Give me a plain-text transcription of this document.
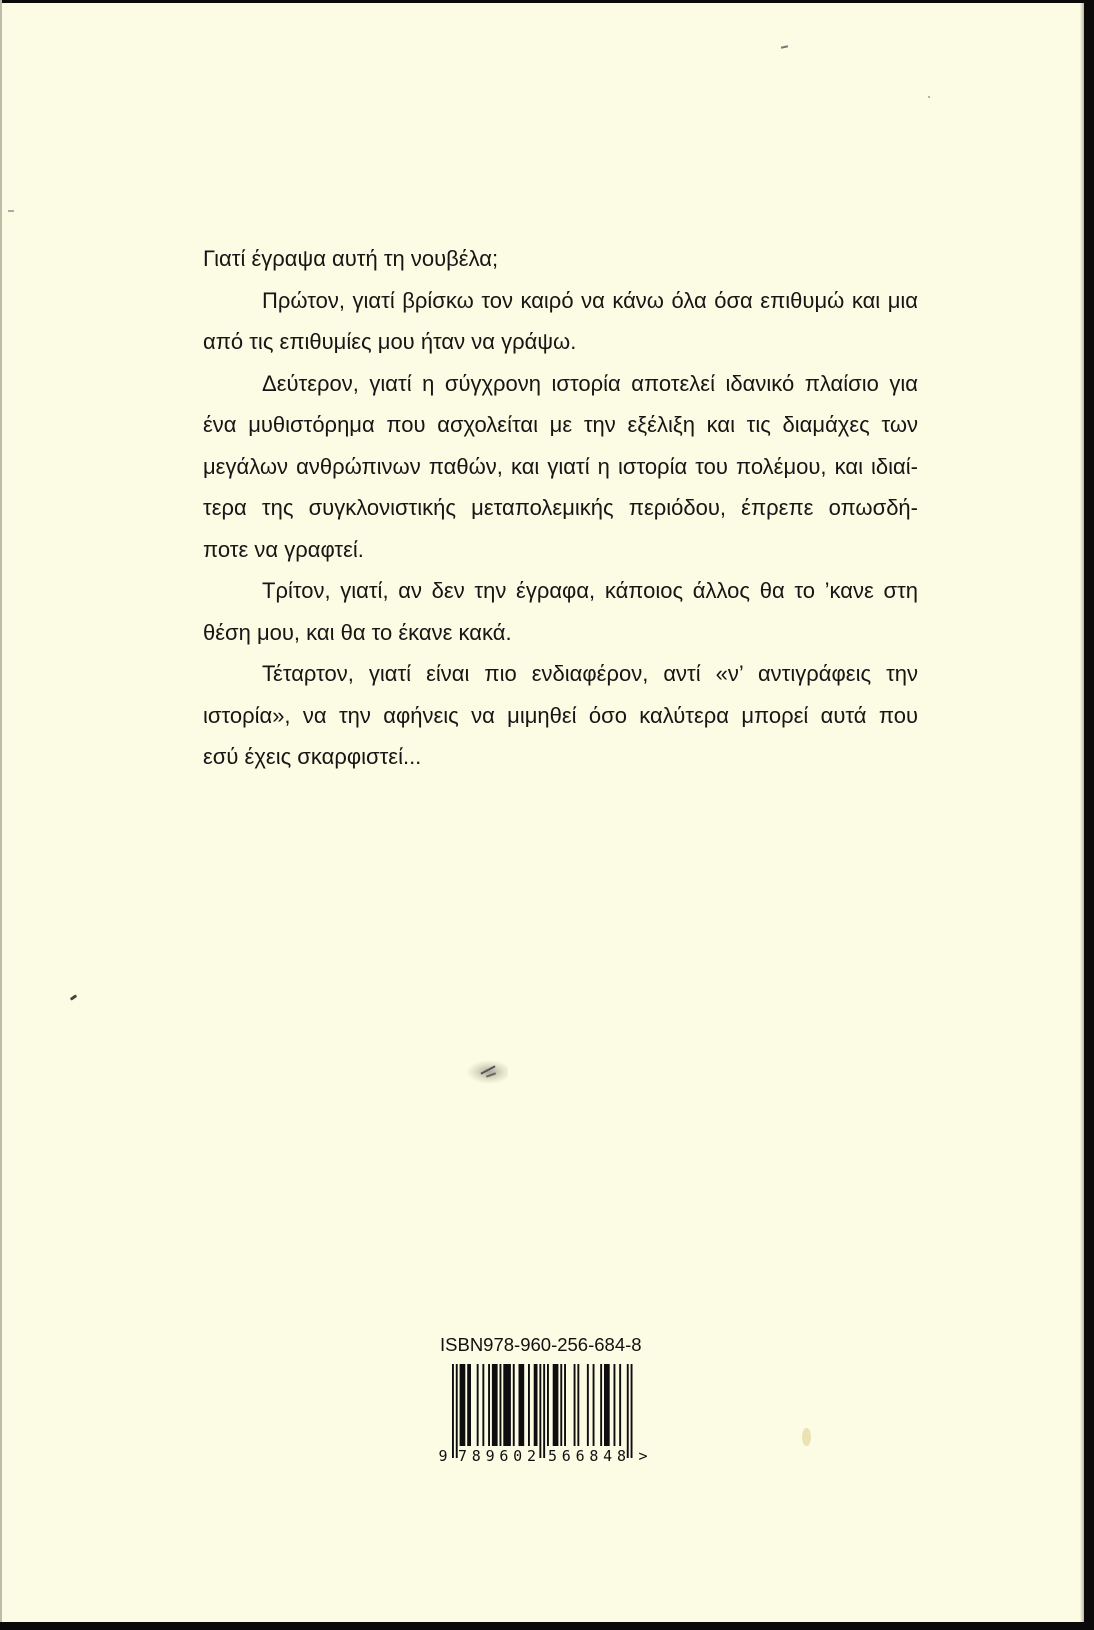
Γιατί έγραψα αυτή τη νουβέλα;
Πρώτον, γιατί βρίσκω τον καιρό να κάνω όλα όσα επιθυμώ και μια
από τις επιθυμίες μου ήταν να γράψω.
Δεύτερον, γιατί η σύγχρονη ιστορία αποτελεί ιδανικό πλαίσιο για
ένα μυθιστόρημα που ασχολείται με την εξέλιξη και τις διαμάχες των
μεγάλων ανθρώπινων παθών, και γιατί η ιστορία του πολέμου, και ιδιαί-
τερα της συγκλονιστικής μεταπολεμικής περιόδου, έπρεπε οπωσδή-
ποτε να γραφτεί.
Τρίτον, γιατί, αν δεν την έγραφα, κάποιος άλλος θα το ’κανε στη
θέση μου, και θα το έκανε κακά.
Τέταρτον, γιατί είναι πιο ενδιαφέρον, αντί «ν’ αντιγράφεις την
ιστορία», να την αφήνεις να μιμηθεί όσο καλύτερα μπορεί αυτά που
εσύ έχεις σκαρφιστεί...
ISBN978-960-256-684-8
9 789602 566848 >
